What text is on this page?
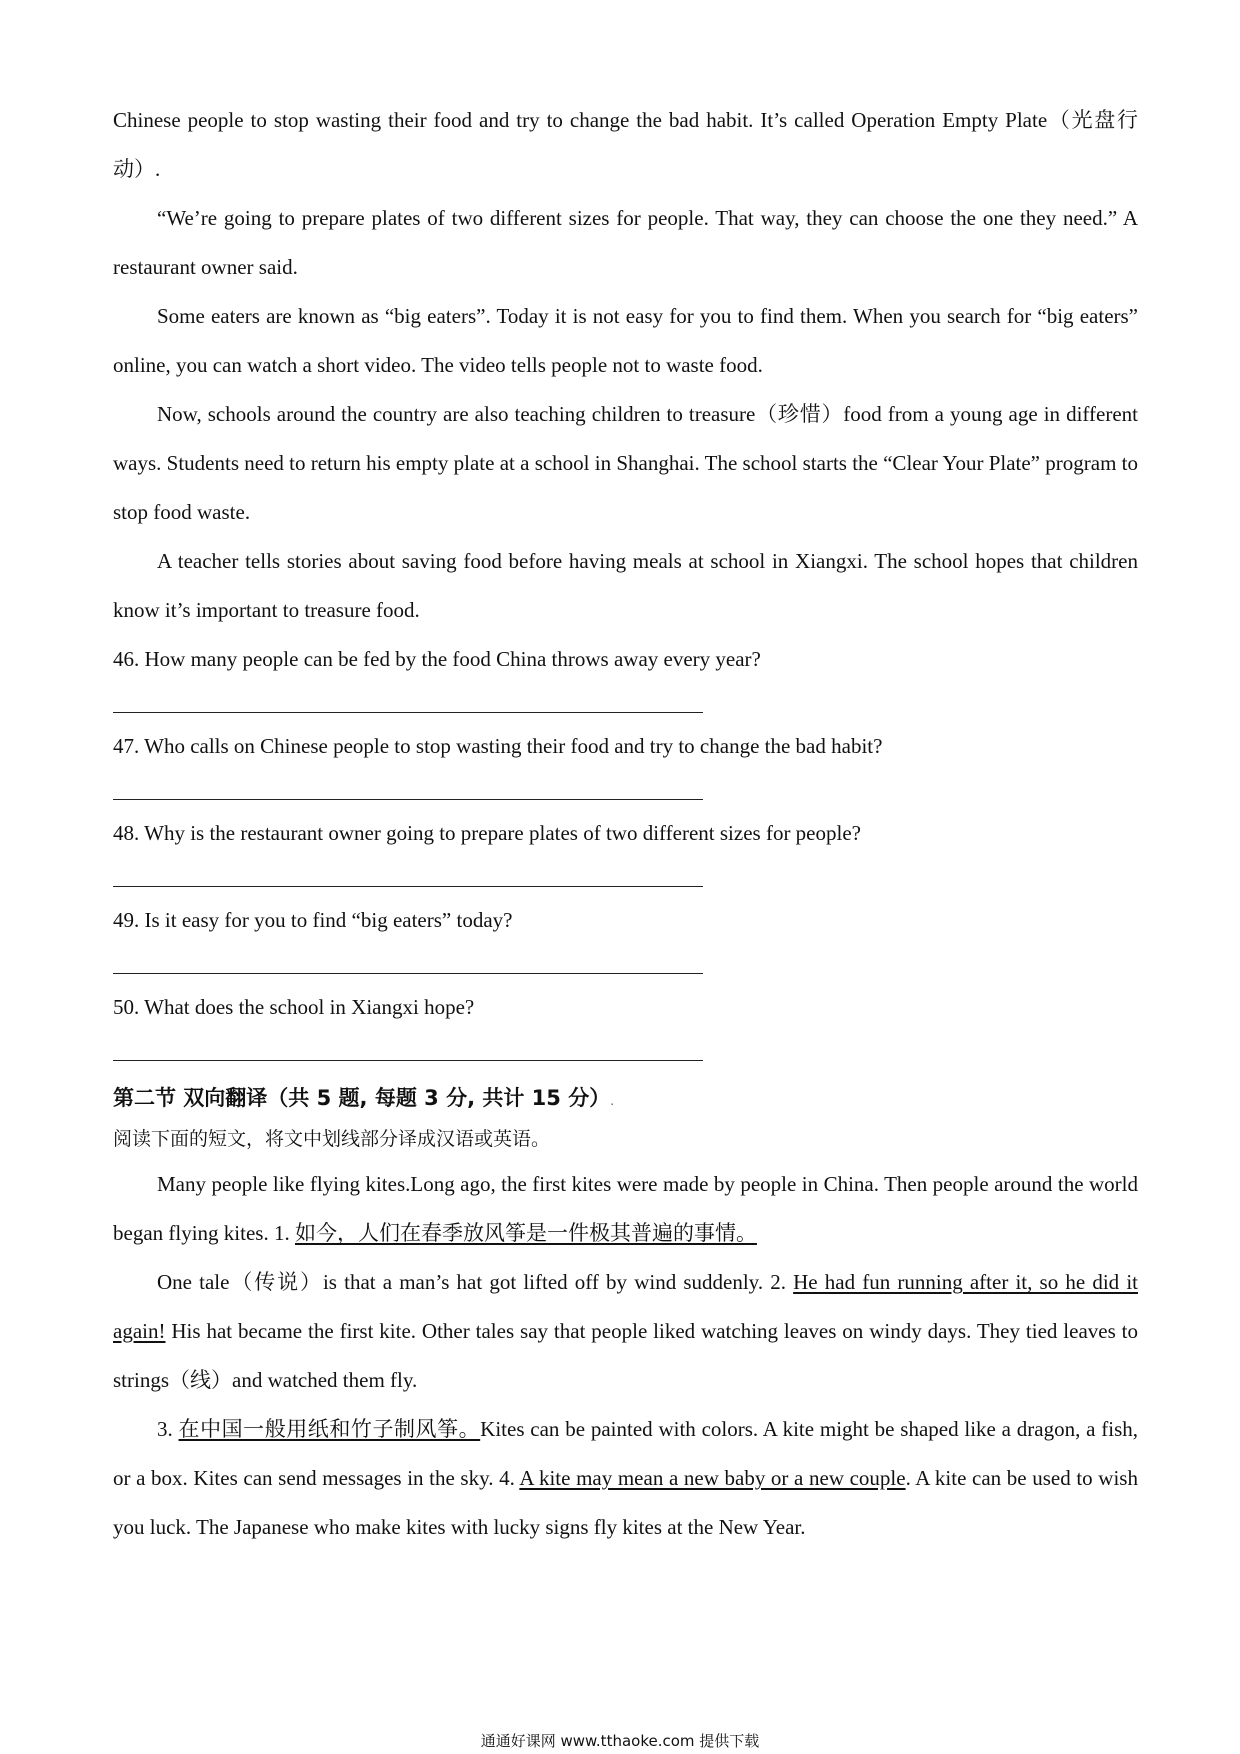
Chinese people to stop wasting their food and try to change the bad habit. It’s called Operation Empty Plate（光盘行动）.

“We’re going to prepare plates of two different sizes for people. That way, they can choose the one they need.” A restaurant owner said.

Some eaters are known as “big eaters”. Today it is not easy for you to find them. When you search for “big eaters” online, you can watch a short video. The video tells people not to waste food.

Now, schools around the country are also teaching children to treasure（珍惜）food from a young age in different ways. Students need to return his empty plate at a school in Shanghai. The school starts the “Clear Your Plate” program to stop food waste.

A teacher tells stories about saving food before having meals at school in Xiangxi. The school hopes that children know it’s important to treasure food.

46. How many people can be fed by the food China throws away every year?

47. Who calls on Chinese people to stop wasting their food and try to change the bad habit?

48. Why is the restaurant owner going to prepare plates of two different sizes for people?

49. Is it easy for you to find “big eaters” today?

50. What does the school in Xiangxi hope?

第二节 双向翻译（共 5 题, 每题 3 分, 共计 15 分）.

阅读下面的短文，将文中划线部分译成汉语或英语。

Many people like flying kites.Long ago, the first kites were made by people in China. Then people around the world began flying kites. 1. 如今，人们在春季放风筝是一件极其普遍的事情。

One tale（传说）is that a man’s hat got lifted off by wind suddenly. 2. He had fun running after it, so he did it again! His hat became the first kite. Other tales say that people liked watching leaves on windy days. They tied leaves to strings（线）and watched them fly.

3. 在中国一般用纸和竹子制风筝。Kites can be painted with colors. A kite might be shaped like a dragon, a fish, or a box. Kites can send messages in the sky. 4. A kite may mean a new baby or a new couple. A kite can be used to wish you luck. The Japanese who make kites with lucky signs fly kites at the New Year.

通通好课网 www.tthaoke.com 提供下载
